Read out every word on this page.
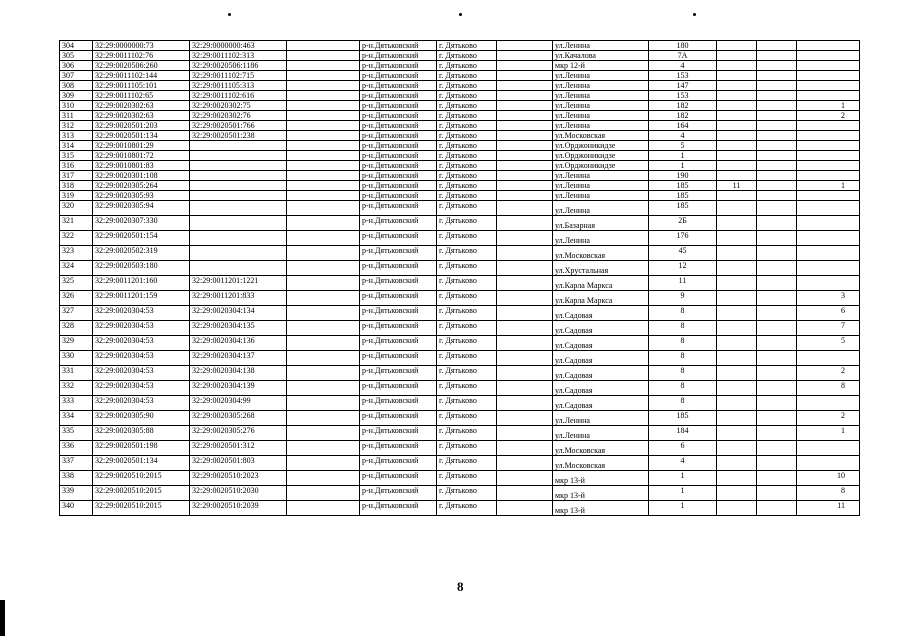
304	32:29:0000000:73	32:29:0000000:463		р-н.Дятьковский	г. Дятьково		ул.Ленина	180			
305	32:29:0011102:76	32:29:0011102:313		р-н.Дятьковский	г. Дятьково		ул.Качалова	7А			
306	32:29:0020506:260	32:29:0020506:1186		р-н.Дятьковский	г. Дятьково		мкр 12-й	4			
307	32:29:0011102:144	32:29:0011102:715		р-н.Дятьковский	г. Дятьково		ул.Ленина	153			
308	32:29:0011105:101	32:29:0011105:313		р-н.Дятьковский	г. Дятьково		ул.Ленина	147			
309	32:29:0011102:65	32:29:0011102:616		р-н.Дятьковский	г. Дятьково		ул.Ленина	153			
310	32:29:0020302:63	32:29:0020302:75		р-н.Дятьковский	г. Дятьково		ул.Ленина	182			1
311	32:29:0020302:63	32:29:0020302:76		р-н.Дятьковский	г. Дятьково		ул.Ленина	182			2
312	32:29:0020501:203	32:29:0020501:766		р-н.Дятьковский	г. Дятьково		ул.Ленина	164			
313	32:29:0020501:134	32:29:0020501:238		р-н.Дятьковский	г. Дятьково		ул.Московская	4			
314	32:29:0010801:29			р-н.Дятьковский	г. Дятьково		ул.Орджоникидзе	5			
315	32:29:0010801:72			р-н.Дятьковский	г. Дятьково		ул.Орджоникидзе	1			
316	32:29:0010801:83			р-н.Дятьковский	г. Дятьково		ул.Орджоникидзе	1			
317	32:29:0020301:108			р-н.Дятьковский	г. Дятьково		ул.Ленина	190			
318	32:29:0020305:264			р-н.Дятьковский	г. Дятьково		ул.Ленина	185	11		1
319	32:29:0020305:93			р-н.Дятьковский	г. Дятьково		ул.Ленина	185			
320	32:29:0020305:94			р-н.Дятьковский	г. Дятьково		ул.Ленина	185			
321	32:29:0020307:330			р-н.Дятьковский	г. Дятьково		ул.Базарная	2Б			
322	32:29:0020501:154			р-н.Дятьковский	г. Дятьково		ул.Ленина	176			
323	32:29:0020502:319			р-н.Дятьковский	г. Дятьково		ул.Московская	45			
324	32:29:0020503:180			р-н.Дятьковский	г. Дятьково		ул.Хрустальная	12			
325	32:29:0011201:160	32:29:0011201:1221		р-н.Дятьковский	г. Дятьково		ул.Карла Маркса	11			
326	32:29:0011201:159	32:29:0011201:833		р-н.Дятьковский	г. Дятьково		ул.Карла Маркса	9			3
327	32:29:0020304:53	32:29:0020304:134		р-н.Дятьковский	г. Дятьково		ул.Садовая	8			6
328	32:29:0020304:53	32:29:0020304:135		р-н.Дятьковский	г. Дятьково		ул.Садовая	8			7
329	32:29:0020304:53	32:29:0020304:136		р-н.Дятьковский	г. Дятьково		ул.Садовая	8			5
330	32:29:0020304:53	32:29:0020304:137		р-н.Дятьковский	г. Дятьково		ул.Садовая	8			
331	32:29:0020304:53	32:29:0020304:138		р-н.Дятьковский	г. Дятьково		ул.Садовая	8			2
332	32:29:0020304:53	32:29:0020304:139		р-н.Дятьковский	г. Дятьково		ул.Садовая	8			8
333	32:29:0020304:53	32:29:0020304:99		р-н.Дятьковский	г. Дятьково		ул.Садовая	8			
334	32:29:0020305:90	32:29:0020305:268		р-н.Дятьковский	г. Дятьково		ул.Ленина	185			2
335	32:29:0020305:88	32:29:0020305:276		р-н.Дятьковский	г. Дятьково		ул.Ленина	184			1
336	32:29:0020501:198	32:29:0020501:312		р-н.Дятьковский	г. Дятьково		ул.Московская	6			
337	32:29:0020501:134	32:29:0020501:803		р-н.Дятьковский	г. Дятьково		ул.Московская	4			
338	32:29:0020510:2015	32:29:0020510:2023		р-н.Дятьковский	г. Дятьково		мкр 13-й	1			10
339	32:29:0020510:2015	32:29:0020510:2030		р-н.Дятьковский	г. Дятьково		мкр 13-й	1			8
340	32:29:0020510:2015	32:29:0020510:2039		р-н.Дятьковский	г. Дятьково		мкр 13-й	1			11
8
